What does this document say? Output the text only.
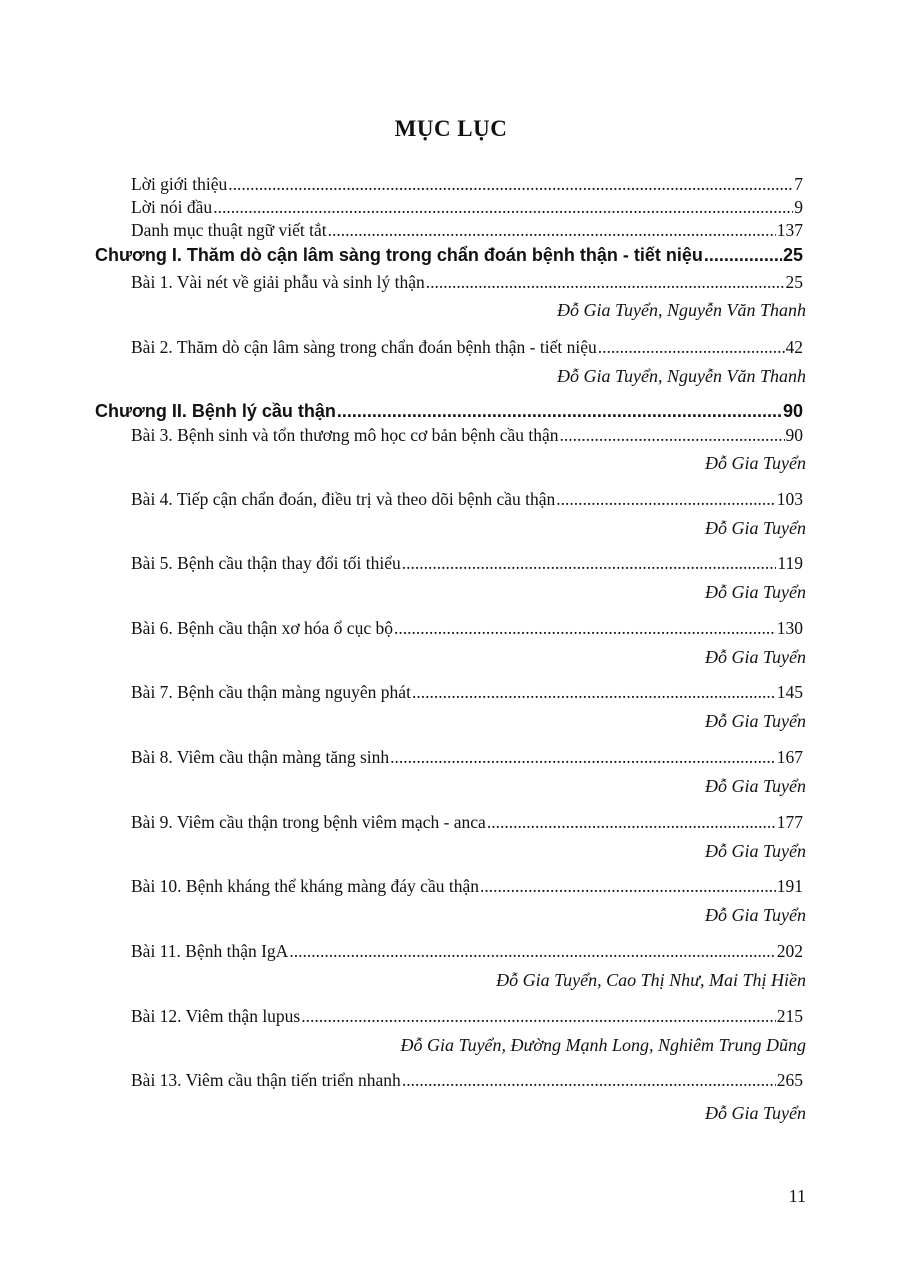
MỤC LỤC
Lời giới thiệu .....	7
Lời nói đầu .....	9
Danh mục thuật ngữ viết tắt .....	137
Chương I. Thăm dò cận lâm sàng trong chẩn đoán bệnh thận - tiết niệu .....	25
Bài 1. Vài nét về giải phẫu và sinh lý thận .....	25
Đỗ Gia Tuyển, Nguyễn Văn Thanh
Bài 2. Thăm dò cận lâm sàng trong chẩn đoán bệnh thận - tiết niệu .....	42
Đỗ Gia Tuyển, Nguyễn Văn Thanh
Chương II. Bệnh lý cầu thận .....	90
Bài 3. Bệnh sinh và tổn thương mô học cơ bản bệnh cầu thận .....	90
Đỗ Gia Tuyển
Bài 4. Tiếp cận chẩn đoán, điều trị và theo dõi bệnh cầu thận .....	103
Đỗ Gia Tuyển
Bài 5. Bệnh cầu thận thay đổi tối thiểu .....	119
Đỗ Gia Tuyển
Bài 6. Bệnh cầu thận xơ hóa ổ cục bộ .....	130
Đỗ Gia Tuyển
Bài 7. Bệnh cầu thận màng nguyên phát .....	145
Đỗ Gia Tuyển
Bài 8. Viêm cầu thận màng tăng sinh .....	167
Đỗ Gia Tuyển
Bài 9. Viêm cầu thận trong bệnh viêm mạch - anca .....	177
Đỗ Gia Tuyển
Bài 10. Bệnh kháng thể kháng màng đáy cầu thận .....	191
Đỗ Gia Tuyển
Bài 11. Bệnh thận IgA .....	202
Đỗ Gia Tuyển, Cao Thị Như, Mai Thị Hiền
Bài 12. Viêm thận lupus .....	215
Đỗ Gia Tuyển, Đường Mạnh Long, Nghiêm Trung Dũng
Bài 13. Viêm cầu thận tiến triển nhanh .....	265
Đỗ Gia Tuyển
11
